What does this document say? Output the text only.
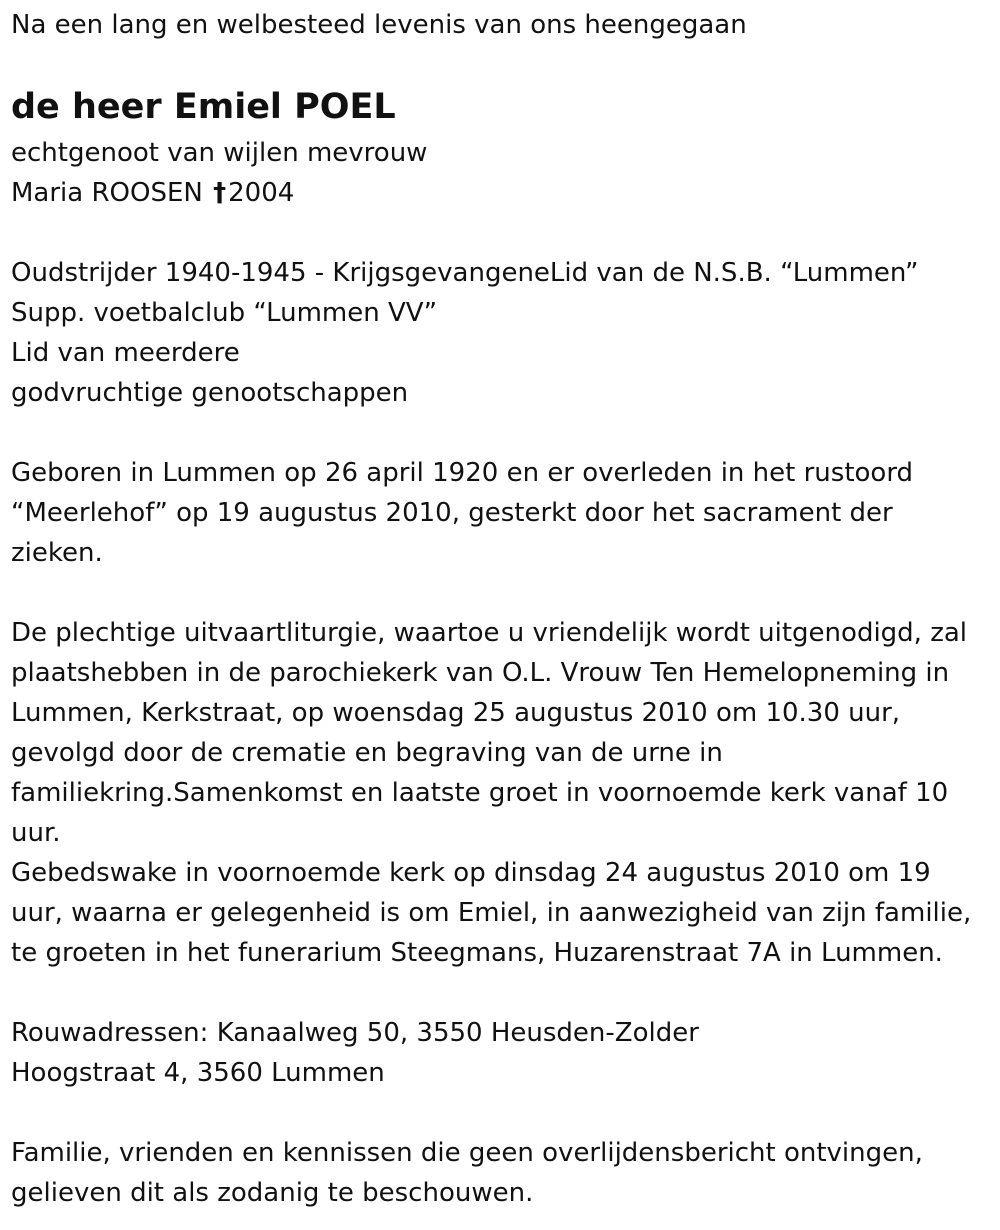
Na een lang en welbesteed levenis van ons heengegaan
de heer Emiel POEL
echtgenoot van wijlen mevrouw
Maria ROOSEN †2004
Oudstrijder 1940-1945 - KrijgsgevangeneLid van de N.S.B. “Lummen”
Supp. voetbalclub “Lummen VV”
Lid van meerdere
godvruchtige genootschappen
Geboren in Lummen op 26 april 1920 en er overleden in het rustoord
“Meerlehof” op 19 augustus 2010, gesterkt door het sacrament der
zieken.
De plechtige uitvaartliturgie, waartoe u vriendelijk wordt uitgenodigd, zal
plaatshebben in de parochiekerk van O.L. Vrouw Ten Hemelopneming in
Lummen, Kerkstraat, op woensdag 25 augustus 2010 om 10.30 uur,
gevolgd door de crematie en begraving van de urne in
familiekring.Samenkomst en laatste groet in voornoemde kerk vanaf 10
uur.
Gebedswake in voornoemde kerk op dinsdag 24 augustus 2010 om 19
uur, waarna er gelegenheid is om Emiel, in aanwezigheid van zijn familie,
te groeten in het funerarium Steegmans, Huzarenstraat 7A in Lummen.
Rouwadressen: Kanaalweg 50, 3550 Heusden-Zolder
Hoogstraat 4, 3560 Lummen
Familie, vrienden en kennissen die geen overlijdensbericht ontvingen,
gelieven dit als zodanig te beschouwen.
